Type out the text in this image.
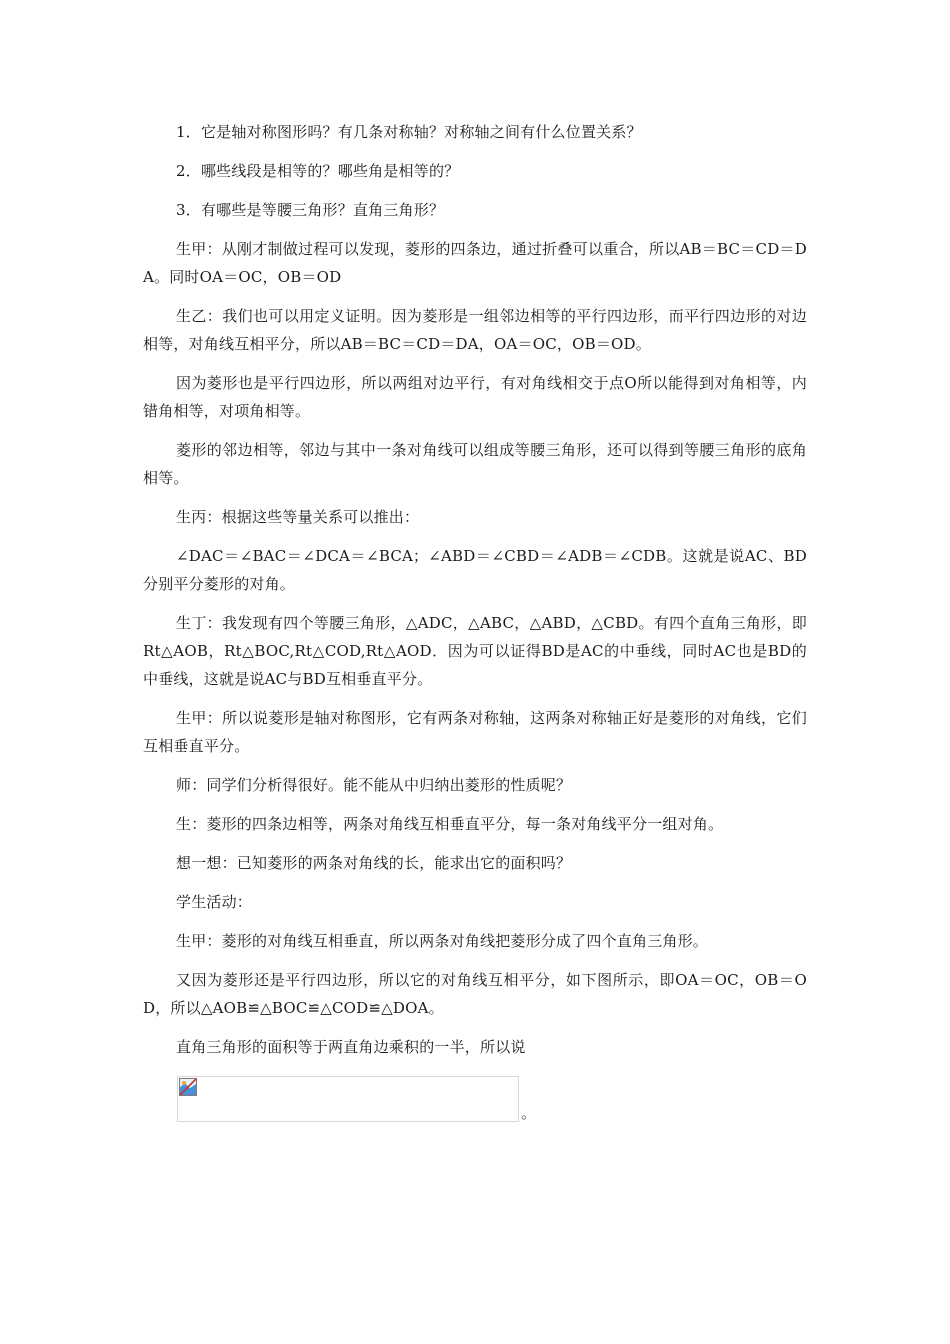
1．它是轴对称图形吗？有几条对称轴？对称轴之间有什么位置关系？

2．哪些线段是相等的？哪些角是相等的？

3．有哪些是等腰三角形？直角三角形？

生甲：从刚才制做过程可以发现，菱形的四条边，通过折叠可以重合，所以AB＝BC＝CD＝DA。同时OA＝OC，OB＝OD

生乙：我们也可以用定义证明。因为菱形是一组邻边相等的平行四边形，而平行四边形的对边相等，对角线互相平分，所以AB＝BC＝CD＝DA，OA＝OC，OB＝OD。

因为菱形也是平行四边形，所以两组对边平行，有对角线相交于点O所以能得到对角相等，内错角相等，对项角相等。

菱形的邻边相等，邻边与其中一条对角线可以组成等腰三角形，还可以得到等腰三角形的底角相等。

生丙：根据这些等量关系可以推出：

∠DAC＝∠BAC＝∠DCA＝∠BCA；∠ABD＝∠CBD＝∠ADB＝∠CDB。这就是说AC、BD分别平分菱形的对角。

生丁：我发现有四个等腰三角形，△ADC，△ABC，△ABD，△CBD。有四个直角三角形，即Rt△AOB，Rt△BOC,Rt△COD,Rt△AOD．因为可以证得BD是AC的中垂线，同时AC也是BD的中垂线，这就是说AC与BD互相垂直平分。

生甲：所以说菱形是轴对称图形，它有两条对称轴，这两条对称轴正好是菱形的对角线，它们互相垂直平分。

师：同学们分析得很好。能不能从中归纳出菱形的性质呢？

生：菱形的四条边相等，两条对角线互相垂直平分，每一条对角线平分一组对角。

想一想：已知菱形的两条对角线的长，能求出它的面积吗？

学生活动：

生甲：菱形的对角线互相垂直，所以两条对角线把菱形分成了四个直角三角形。

又因为菱形还是平行四边形，所以它的对角线互相平分，如下图所示，即OA＝OC，OB＝OD，所以△AOB≌△BOC≌△COD≌△DOA。

直角三角形的面积等于两直角边乘积的一半，所以说

。
